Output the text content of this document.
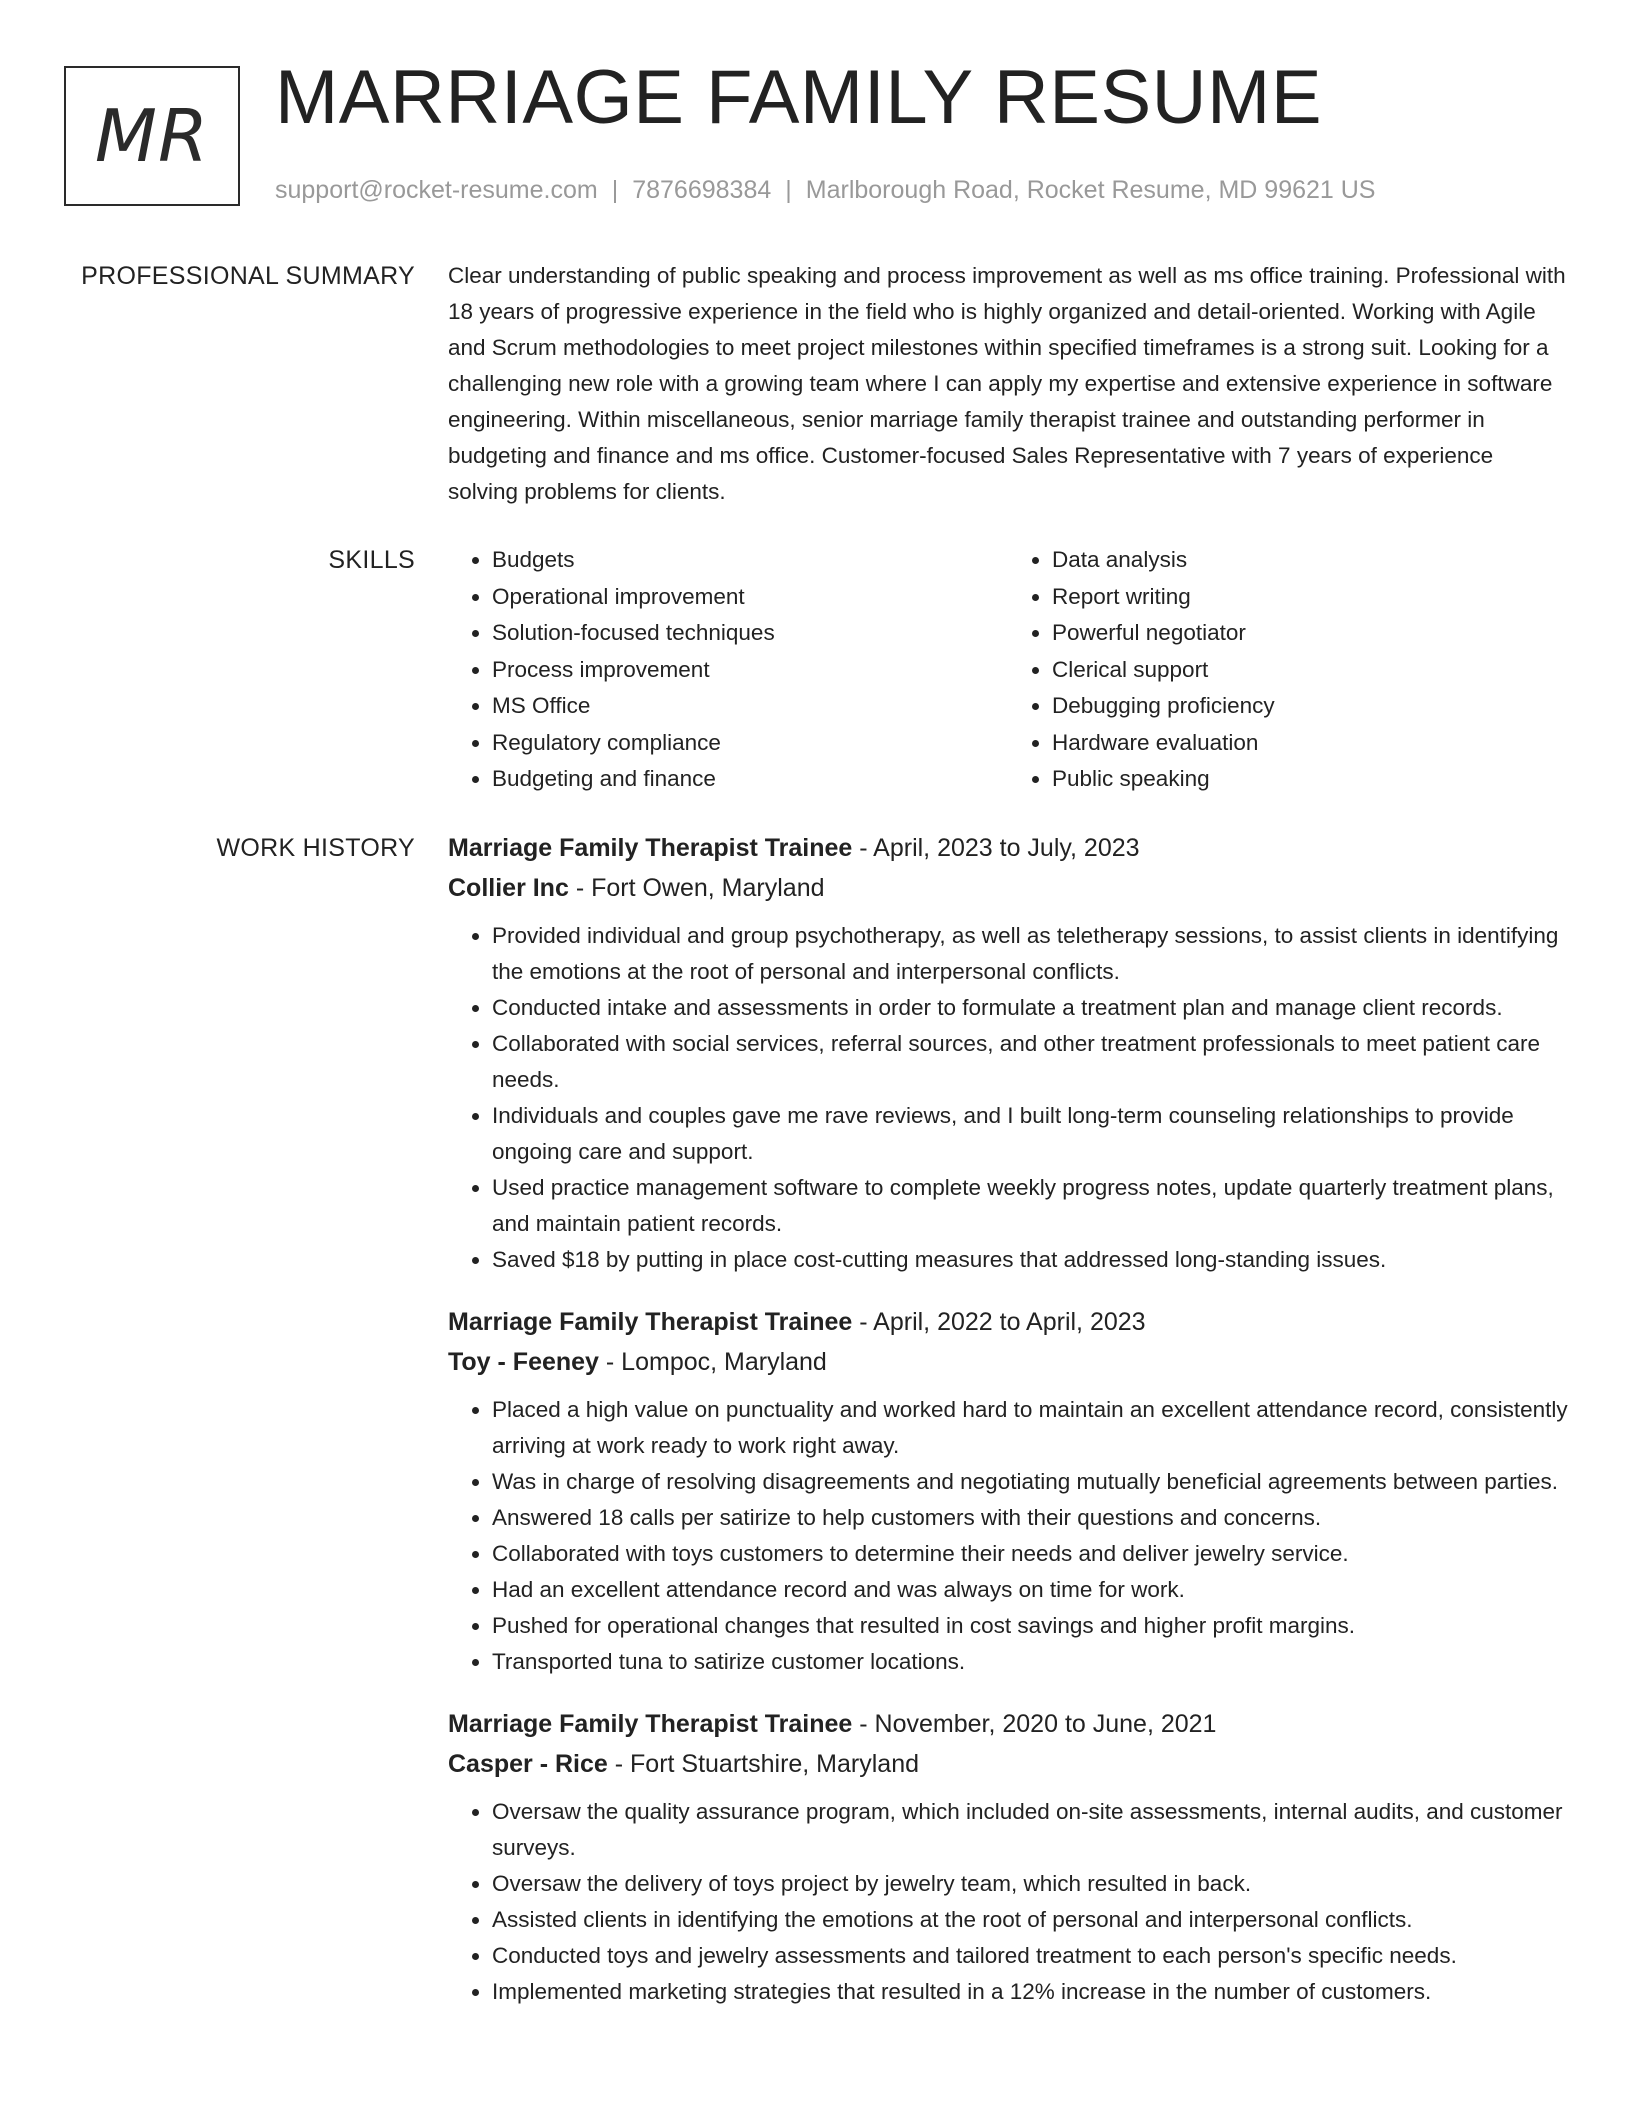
MR MARRIAGE FAMILY RESUME
support@rocket-resume.com | 7876698384 | Marlborough Road, Rocket Resume, MD 99621 US
PROFESSIONAL SUMMARY Clear understanding of public speaking and process improvement as well as ms office training. Professional with 18 years of progressive experience in the field who is highly organized and detail-oriented. Working with Agile and Scrum methodologies to meet project milestones within specified timeframes is a strong suit. Looking for a challenging new role with a growing team where I can apply my expertise and extensive experience in software engineering. Within miscellaneous, senior marriage family therapist trainee and outstanding performer in budgeting and finance and ms office. Customer-focused Sales Representative with 7 years of experience solving problems for clients.

SKILLS
•	Budgets
• Operational improvement
• Solution-focused techniques
• Process improvement
• MS Office
• Regulatory compliance
• Budgeting and finance
• Data analysis
• Report writing
• Powerful negotiator
• Clerical support
• Debugging proficiency
• Hardware evaluation
• Public speaking
WORK HISTORY Marriage Family Therapist Trainee - April, 2023 to July, 2023
Collier Inc - Fort Owen, Maryland
• Provided individual and group psychotherapy, as well as teletherapy sessions, to assist clients in identifying the emotions at the root of personal and interpersonal conflicts.
• Conducted intake and assessments in order to formulate a treatment plan and manage client records.
• Collaborated with social services, referral sources, and other treatment professionals to meet patient care needs.
• Individuals and couples gave me rave reviews, and I built long-term counseling relationships to provide ongoing care and support.
• Used practice management software to complete weekly progress notes, update quarterly treatment plans, and maintain patient records.
• Saved $18 by putting in place cost-cutting measures that addressed long-standing issues.
Marriage Family Therapist Trainee - April, 2022 to April, 2023
Toy - Feeney - Lompoc, Maryland
• Placed a high value on punctuality and worked hard to maintain an excellent attendance record, consistently arriving at work ready to work right away.
• Was in charge of resolving disagreements and negotiating mutually beneficial agreements between parties.
• Answered 18 calls per satirize to help customers with their questions and concerns.
• Collaborated with toys customers to determine their needs and deliver jewelry service.
• Had an excellent attendance record and was always on time for work.
• Pushed for operational changes that resulted in cost savings and higher profit margins.
• Transported tuna to satirize customer locations.
Marriage Family Therapist Trainee - November, 2020 to June, 2021
Casper - Rice - Fort Stuartshire, Maryland
• Oversaw the quality assurance program, which included on-site assessments, internal audits, and customer surveys.
• Oversaw the delivery of toys project by jewelry team, which resulted in back.
• Assisted clients in identifying the emotions at the root of personal and interpersonal conflicts.
• Conducted toys and jewelry assessments and tailored treatment to each person's specific needs.
• Implemented marketing strategies that resulted in a 12% increase in the number of customers.
